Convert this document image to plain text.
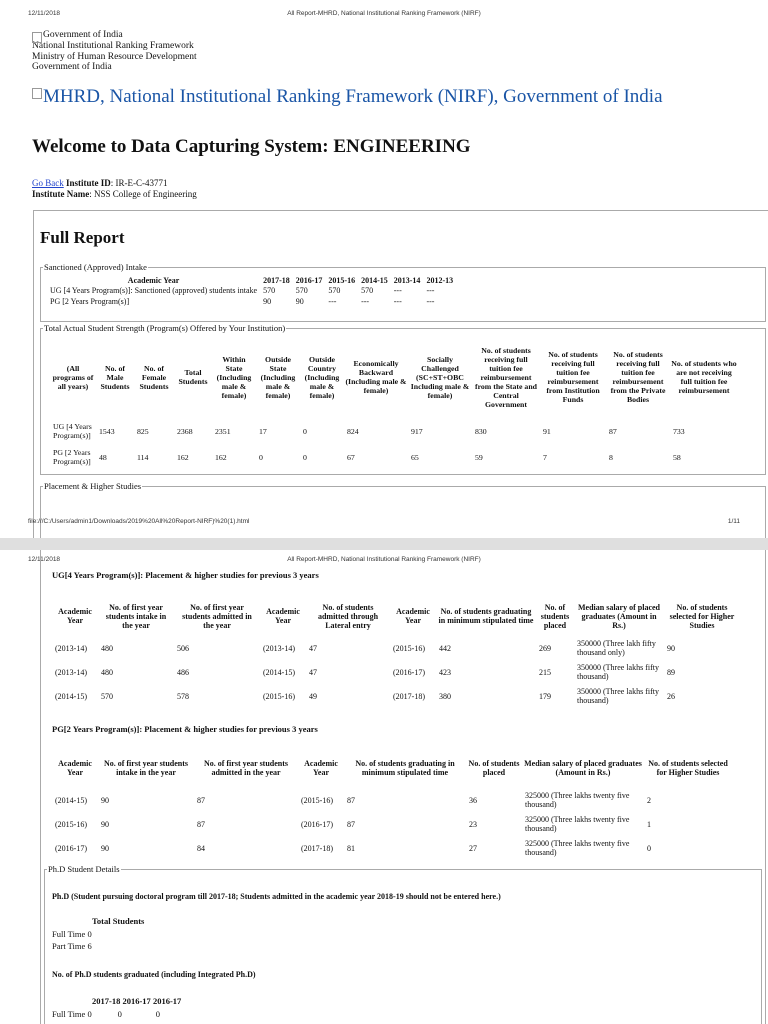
12/11/2018	All Report-MHRD, National Institutional Ranking Framework (NIRF)
Government of India
National Institutional Ranking Framework
Ministry of Human Resource Development
Government of India
MHRD, National Institutional Ranking Framework (NIRF), Government of India
Welcome to Data Capturing System: ENGINEERING
Go Back Institute ID: IR-E-C-43771
Institute Name: NSS College of Engineering
Full Report
Sanctioned (Approved) Intake
Academic Year	2017-18	2016-17	2015-16	2014-15	2013-14	2012-13
UG [4 Years Program(s)]: Sanctioned (approved) students intake	570	570	570	570	---	---
PG [2 Years Program(s)]	90	90	---	---	---	---
Total Actual Student Strength (Program(s) Offered by Your Institution)
(All programs of all years)	No. of Male Students	No. of Female Students	Total Students	Within State (Including male & female)	Outside State (Including male & female)	Outside Country (Including male & female)	Economically Backward (Including male & female)	Socially Challenged (SC+ST+OBC Including male & female)	No. of students receiving full tuition fee reimbursement from the State and Central Government	No. of students receiving full tuition fee reimbursement from Institution Funds	No. of students receiving full tuition fee reimbursement from the Private Bodies	No. of students who are not receiving full tuition fee reimbursement
UG [4 Years Program(s)]	1543	825	2368	2351	17	0	824	917	830	91	87	733
PG [2 Years Program(s)]	48	114	162	162	0	0	67	65	59	7	8	58
Placement & Higher Studies
file:///C:/Users/admin1/Downloads/2019%20All%20Report-NIRF)%20(1).html	1/11
12/11/2018	All Report-MHRD, National Institutional Ranking Framework (NIRF)
UG[4 Years Program(s)]: Placement & higher studies for previous 3 years
Academic Year	No. of first year students intake in the year	No. of first year students admitted in the year	Academic Year	No. of students admitted through Lateral entry	Academic Year	No. of students graduating in minimum stipulated time	No. of students placed	Median salary of placed graduates (Amount in Rs.)	No. of students selected for Higher Studies
(2013-14)	480	506	(2013-14)	47	(2015-16)	442	269	350000 (Three lakh fifty thousand only)	90
(2013-14)	480	486	(2014-15)	47	(2016-17)	423	215	350000 (Three lakhs fifty thousand)	89
(2014-15)	570	578	(2015-16)	49	(2017-18)	380	179	350000 (Three lakhs fifty thousand)	26
PG[2 Years Program(s)]: Placement & higher studies for previous 3 years
Academic Year	No. of first year students intake in the year	No. of first year students admitted in the year	Academic Year	No. of students graduating in minimum stipulated time	No. of students placed	Median salary of placed graduates (Amount in Rs.)	No. of students selected for Higher Studies
(2014-15)	90	87	(2015-16)	87	36	325000 (Three lakhs twenty five thousand)	2
(2015-16)	90	87	(2016-17)	87	23	325000 (Three lakhs twenty five thousand)	1
(2016-17)	90	84	(2017-18)	81	27	325000 (Three lakhs twenty five thousand)	0
Ph.D Student Details
Ph.D (Student pursuing doctoral program till 2017-18; Students admitted in the academic year 2018-19 should not be entered here.)
Total Students
Full Time 0
Part Time 6
No. of Ph.D students graduated (including Integrated Ph.D)
2017-18 2016-17 2016-17
Full Time 0	0	0
